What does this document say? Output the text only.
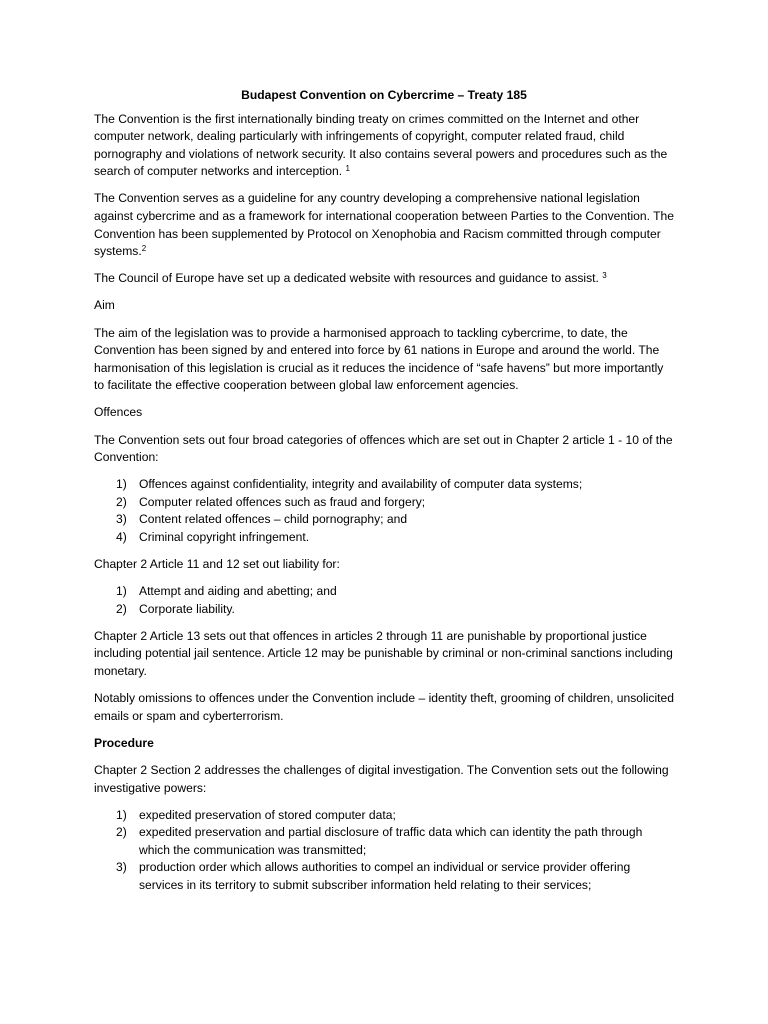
Budapest Convention on Cybercrime – Treaty 185

The Convention is the first internationally binding treaty on crimes committed on the Internet and other computer network, dealing particularly with infringements of copyright, computer related fraud, child pornography and violations of network security. It also contains several powers and procedures such as the search of computer networks and interception. $^1$

The Convention serves as a guideline for any country developing a comprehensive national legislation against cybercrime and as a framework for international cooperation between Parties to the Convention. The Convention has been supplemented by Protocol on Xenophobia and Racism committed through computer systems.$^2$

The Council of Europe have set up a dedicated website with resources and guidance to assist. $^3$

Aim

The aim of the legislation was to provide a harmonised approach to tackling cybercrime, to date, the Convention has been signed by and entered into force by 61 nations in Europe and around the world. The harmonisation of this legislation is crucial as it reduces the incidence of “safe havens” but more importantly to facilitate the effective cooperation between global law enforcement agencies.

Offences

The Convention sets out four broad categories of offences which are set out in Chapter 2 article 1 - 10 of the Convention:

1)	Offences against confidentiality, integrity and availability of computer data systems;
2)	Computer related offences such as fraud and forgery;
3)	Content related offences – child pornography; and
4)	Criminal copyright infringement.

Chapter 2 Article 11 and 12 set out liability for:

1)	Attempt and aiding and abetting; and
2)	Corporate liability.

Chapter 2 Article 13 sets out that offences in articles 2 through 11 are punishable by proportional justice including potential jail sentence. Article 12 may be punishable by criminal or non-criminal sanctions including monetary.

Notably omissions to offences under the Convention include – identity theft, grooming of children, unsolicited emails or spam and cyberterrorism.

Procedure

Chapter 2 Section 2 addresses the challenges of digital investigation. The Convention sets out the following investigative powers:

1)	expedited preservation of stored computer data;
2)	expedited preservation and partial disclosure of traffic data which can identity the path through which the communication was transmitted;
3)	production order which allows authorities to compel an individual or service provider offering services in its territory to submit subscriber information held relating to their services;
